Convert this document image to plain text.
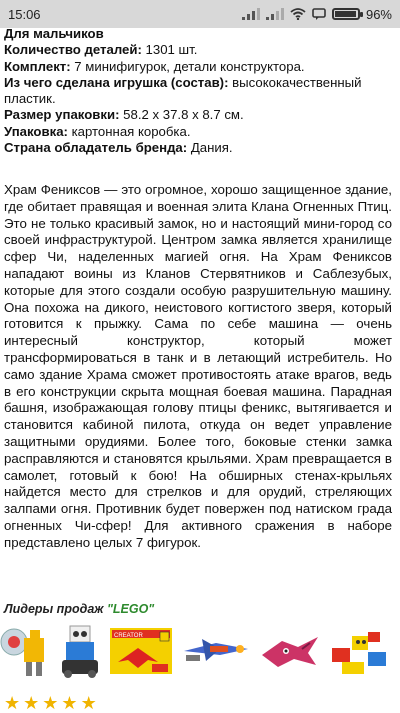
15:06	96%

Для мальчиков

Количество деталей: 1301 шт.

Комплект: 7 минифигурок, детали конструктора.

Из чего сделана игрушка (состав): высококачественный пластик.

Размер упаковки: 58.2 x 37.8 x 8.7 см.

Упаковка: картонная коробка.

Страна обладатель бренда: Дания.

Храм Фениксов — это огромное, хорошо защищенное здание, где обитает правящая и военная элита Клана Огненных Птиц. Это не только красивый замок, но и настоящий мини-город со своей инфраструктурой. Центром замка является хранилище сфер Чи, наделенных магией огня. На Храм Фениксов нападают воины из Кланов Стервятников и Саблезубых, которые для этого создали особую разрушительную машину. Она похожа на дикого, неистового когтистого зверя, который готовится к прыжку. Сама по себе машина — очень интересный конструктор, который может трансформироваться в танк и в летающий истребитель. Но само здание Храма сможет противостоять атаке врагов, ведь в его конструкции скрыта мощная боевая машина. Парадная башня, изображающая голову птицы феникс, вытягивается и становится кабиной пилота, откуда он ведет управление защитными орудиями. Более того, боковые стенки замка расправляются и становятся крыльями. Храм превращается в самолет, готовый к бою! На обширных стенах-крыльях найдется место для стрелков и для орудий, стреляющих залпами огня. Противник будет повержен под натиском града огненных Чи-сфер! Для активного сражения в наборе представлено целых 7 фигурок.

Лидеры продаж "LEGO"
CREATOR
★ ★ ★ ★ ★
